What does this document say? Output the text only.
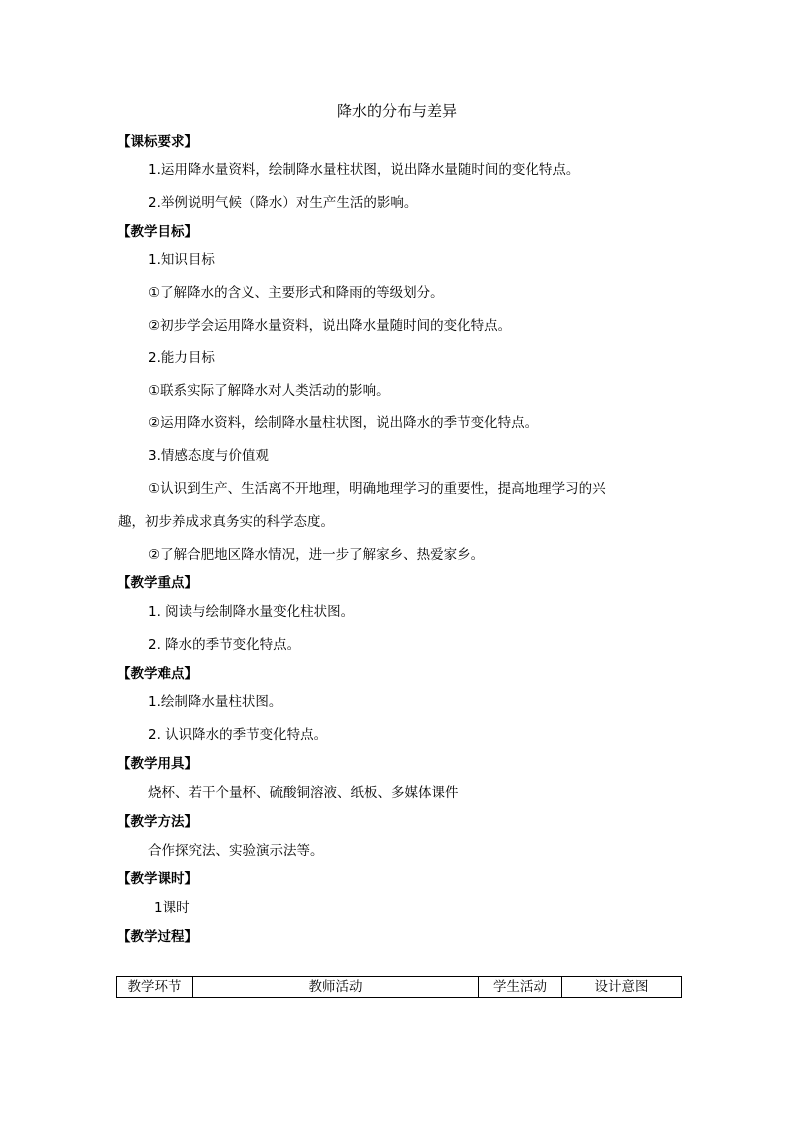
降水的分布与差异
【课标要求】
1.运用降水量资料，绘制降水量柱状图，说出降水量随时间的变化特点。
2.举例说明气候（降水）对生产生活的影响。
【教学目标】
1.知识目标
①了解降水的含义、主要形式和降雨的等级划分。
②初步学会运用降水量资料，说出降水量随时间的变化特点。
2.能力目标
①联系实际了解降水对人类活动的影响。
②运用降水资料，绘制降水量柱状图，说出降水的季节变化特点。
3.情感态度与价值观
①认识到生产、生活离不开地理，明确地理学习的重要性，提高地理学习的兴
趣，初步养成求真务实的科学态度。
②了解合肥地区降水情况，进一步了解家乡、热爱家乡。
【教学重点】
1. 阅读与绘制降水量变化柱状图。
2. 降水的季节变化特点。
【教学难点】
1.绘制降水量柱状图。
2. 认识降水的季节变化特点。
【教学用具】
烧杯、若干个量杯、硫酸铜溶液、纸板、多媒体课件
【教学方法】
合作探究法、实验演示法等。
【教学课时】
1课时
【教学过程】
教学环节	教师活动	学生活动	设计意图
